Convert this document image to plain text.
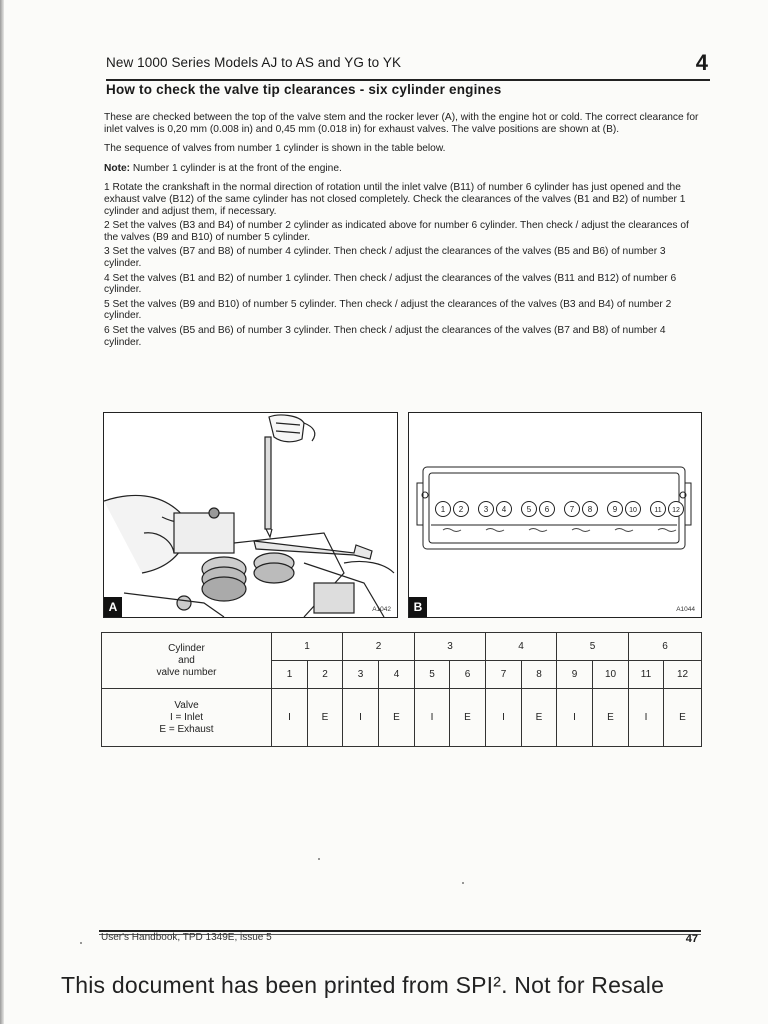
New 1000 Series Models AJ to AS and YG to YK	4
How to check the valve tip clearances - six cylinder engines

These are checked between the top of the valve stem and the rocker lever (A), with the engine hot or cold. The correct clearance for inlet valves is 0,20 mm (0.008 in) and 0,45 mm (0.018 in) for exhaust valves. The valve positions are shown at (B).

The sequence of valves from number 1 cylinder is shown in the table below.

Note: Number 1 cylinder is at the front of the engine.

1 Rotate the crankshaft in the normal direction of rotation until the inlet valve (B11) of number 6 cylinder has just opened and the exhaust valve (B12) of the same cylinder has not closed completely. Check the clearances of the valves (B1 and B2) of number 1 cylinder and adjust them, if necessary.
2 Set the valves (B3 and B4) of number 2 cylinder as indicated above for number 6 cylinder. Then check / adjust the clearances of the valves (B9 and B10) of number 5 cylinder.
3 Set the valves (B7 and B8) of number 4 cylinder. Then check / adjust the clearances of the valves (B5 and B6) of number 3 cylinder.
4 Set the valves (B1 and B2) of number 1 cylinder. Then check / adjust the clearances of the valves (B11 and B12) of number 6 cylinder.
5 Set the valves (B9 and B10) of number 5 cylinder. Then check / adjust the clearances of the valves (B3 and B4) of number 2 cylinder.
6 Set the valves (B5 and B6) of number 3 cylinder. Then check / adjust the clearances of the valves (B7 and B8) of number 4 cylinder.
A	A1042
1 2	3 4	5 6	7 8	9 10 11 12
B	A1044
Cylinder
and
valve number	1		2		3		4		5		6	
	1	2	3	4	5	6	7	8	9	10	11	12
Valve
I = Inlet
E = Exhaust	I	E	I	E	I	E	I	E	I	E	I	E
User's Handbook, TPD 1349E, issue 5	47
This document has been printed from SPI². Not for Resale
